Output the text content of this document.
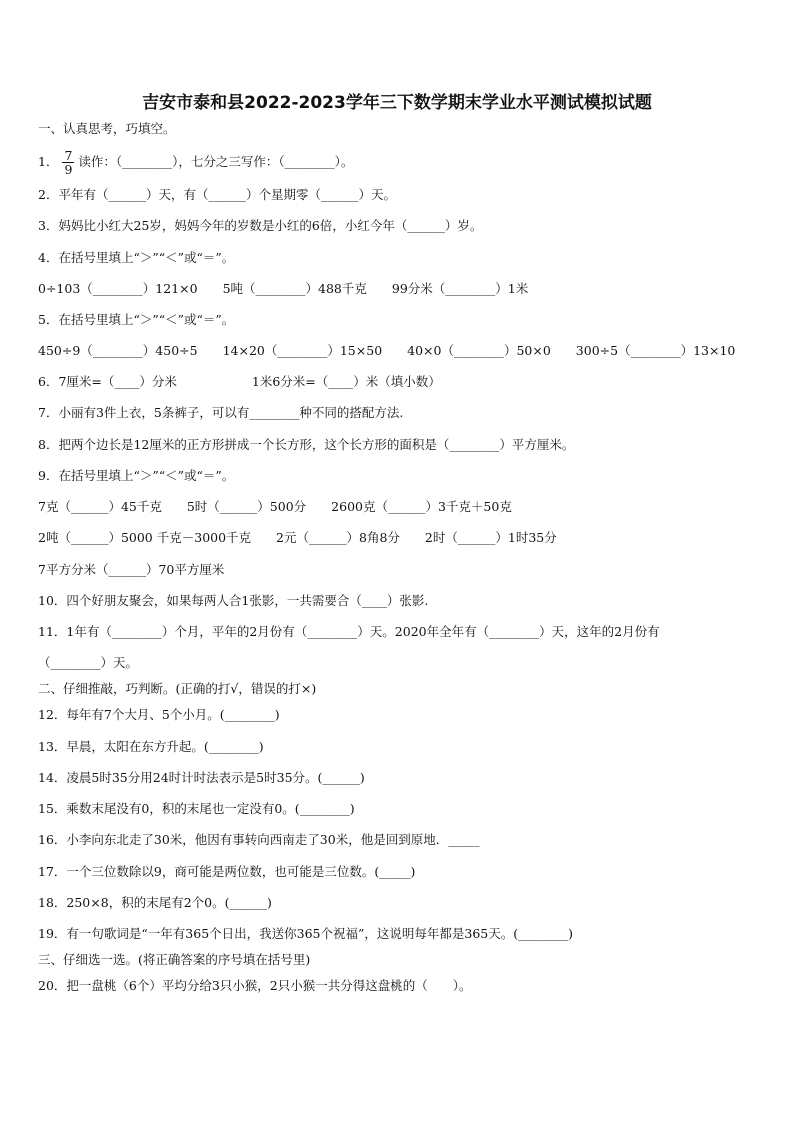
吉安市泰和县2022-2023学年三下数学期末学业水平测试模拟试题
一、认真思考，巧填空。
1． $\frac{7}{9}$ 读作：（________），七分之三写作：（________）。
2．平年有（______）天，有（______）个星期零（______）天。
3．妈妈比小红大25岁，妈妈今年的岁数是小红的6倍，小红今年（______）岁。
4．在括号里填上“＞”“＜”或“＝”。
0÷103（________）121×0　　5吨（________）488千克　　99分米（________）1米
5．在括号里填上“＞”“＜”或“＝”。
450÷9（________）450÷5　　14×20（________）15×50　　40×0（________）50×0　　300÷5（________）13×10
6．7厘米=（____）分米　　　　　　1米6分米=（____）米（填小数）
7．小丽有3件上衣，5条裤子，可以有________种不同的搭配方法.
8．把两个边长是12厘米的正方形拼成一个长方形，这个长方形的面积是（________）平方厘米。
9．在括号里填上“＞”“＜”或“＝”。
7克（______）45千克　　5时（______）500分　　2600克（______）3千克＋50克
2吨（______）5000 千克－3000千克　　2元（______）8角8分　　2时（______）1时35分
7平方分米（______）70平方厘米
10．四个好朋友聚会，如果每两人合1张影，一共需要合（____）张影.
11．1年有（________）个月，平年的2月份有（________）天。2020年全年有（________）天，这年的2月份有
（________）天。
二、仔细推敲，巧判断。(正确的打√，错误的打×)
12．每年有7个大月、5个小月。(________)
13．早晨，太阳在东方升起。(________)
14．凌晨5时35分用24时计时法表示是5时35分。(______)
15．乘数末尾没有0，积的末尾也一定没有0。(________)
16．小李向东北走了30米，他因有事转向西南走了30米，他是回到原地．_____
17．一个三位数除以9，商可能是两位数，也可能是三位数。(_____)
18．250×8，积的末尾有2个0。(______)
19．有一句歌词是“一年有365个日出，我送你365个祝福”，这说明每年都是365天。(________)
三、仔细选一选。(将正确答案的序号填在括号里)
20．把一盘桃（6个）平均分给3只小猴，2只小猴一共分得这盘桃的（　　）。
